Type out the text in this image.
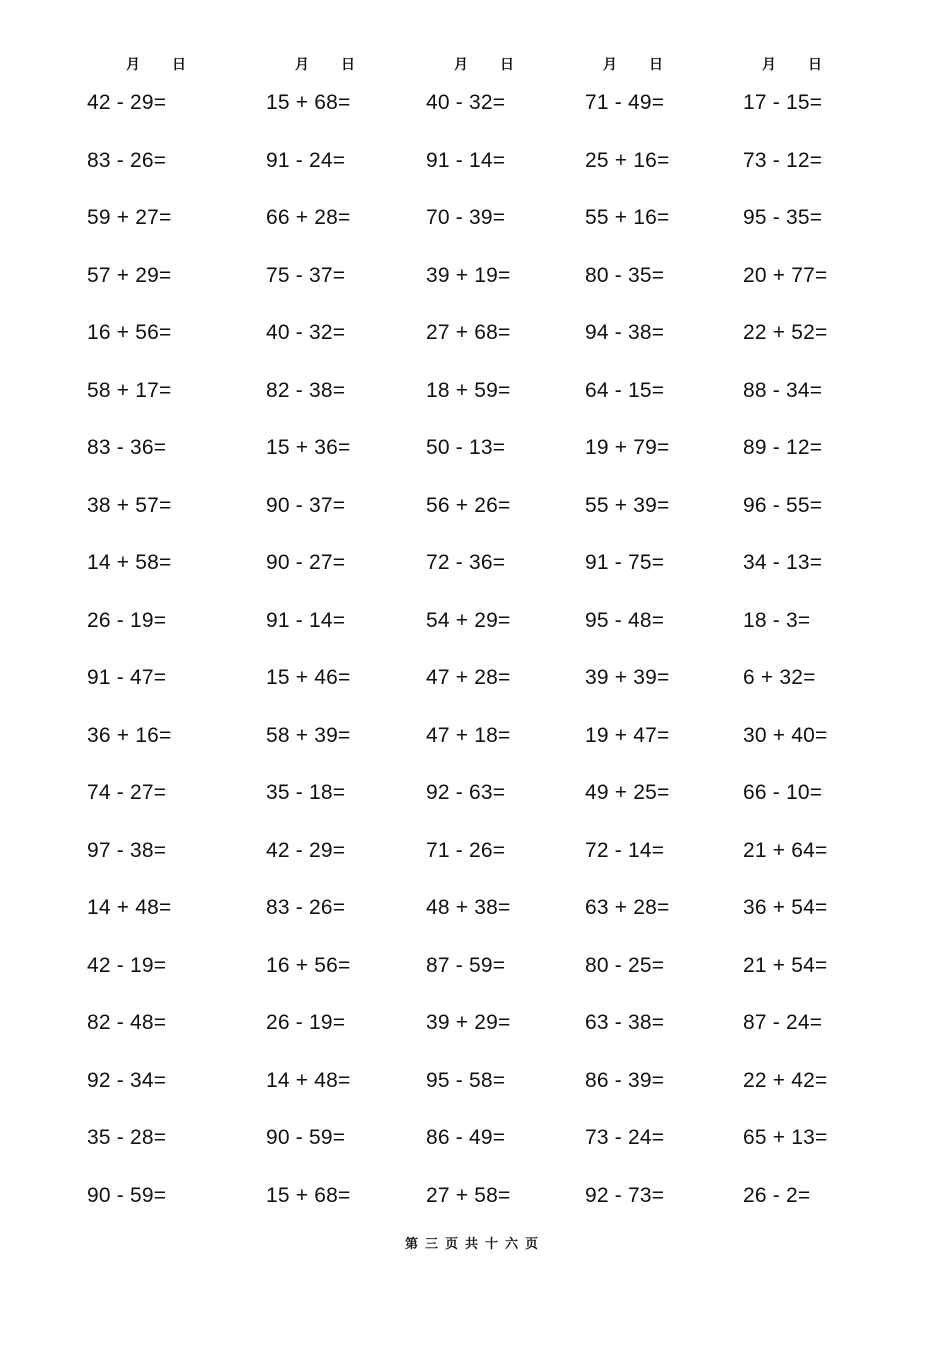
月 日	月 日	月 日	月 日	月 日
42 - 29=	15 + 68=	40 - 32=	71 - 49=	17 - 15=
83 - 26=	91 - 24=	91 - 14=	25 + 16=	73 - 12=
59 + 27=	66 + 28=	70 - 39=	55 + 16=	95 - 35=
57 + 29=	75 - 37=	39 + 19=	80 - 35=	20 + 77=
16 + 56=	40 - 32=	27 + 68=	94 - 38=	22 + 52=
58 + 17=	82 - 38=	18 + 59=	64 - 15=	88 - 34=
83 - 36=	15 + 36=	50 - 13=	19 + 79=	89 - 12=
38 + 57=	90 - 37=	56 + 26=	55 + 39=	96 - 55=
14 + 58=	90 - 27=	72 - 36=	91 - 75=	34 - 13=
26 - 19=	91 - 14=	54 + 29=	95 - 48=	18 - 3=
91 - 47=	15 + 46=	47 + 28=	39 + 39=	6 + 32=
36 + 16=	58 + 39=	47 + 18=	19 + 47=	30 + 40=
74 - 27=	35 - 18=	92 - 63=	49 + 25=	66 - 10=
97 - 38=	42 - 29=	71 - 26=	72 - 14=	21 + 64=
14 + 48=	83 - 26=	48 + 38=	63 + 28=	36 + 54=
42 - 19=	16 + 56=	87 - 59=	80 - 25=	21 + 54=
82 - 48=	26 - 19=	39 + 29=	63 - 38=	87 - 24=
92 - 34=	14 + 48=	95 - 58=	86 - 39=	22 + 42=
35 - 28=	90 - 59=	86 - 49=	73 - 24=	65 + 13=
90 - 59=	15 + 68=	27 + 58=	92 - 73=	26 - 2=
第三页共十六页
